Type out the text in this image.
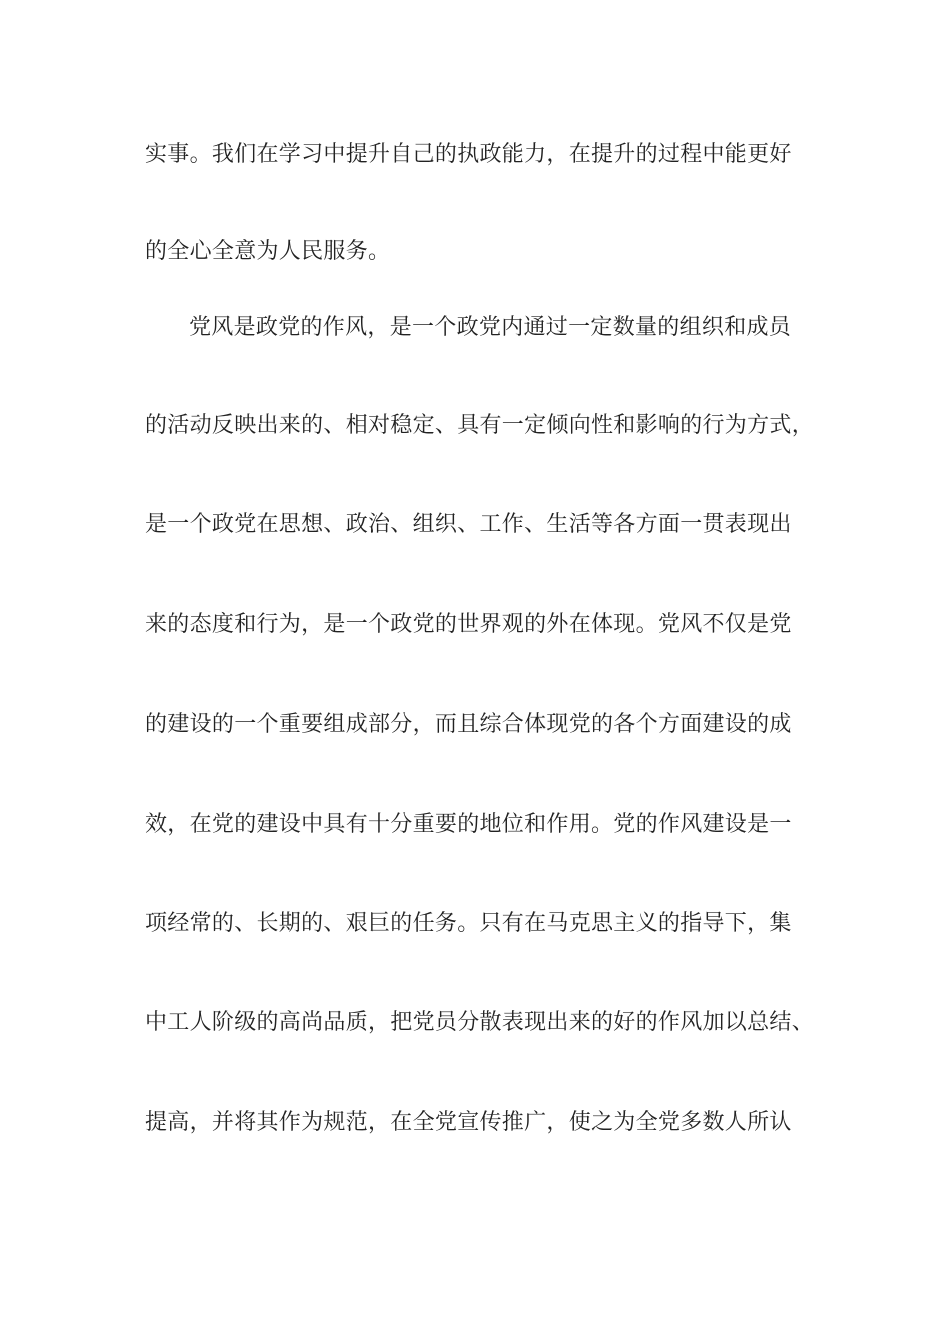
实事。我们在学习中提升自己的执政能力，在提升的过程中能更好
的全心全意为人民服务。
党风是政党的作风，是一个政党内通过一定数量的组织和成员
的活动反映出来的、相对稳定、具有一定倾向性和影响的行为方式，
是一个政党在思想、政治、组织、工作、生活等各方面一贯表现出
来的态度和行为，是一个政党的世界观的外在体现。党风不仅是党
的建设的一个重要组成部分，而且综合体现党的各个方面建设的成
效，在党的建设中具有十分重要的地位和作用。党的作风建设是一
项经常的、长期的、艰巨的任务。只有在马克思主义的指导下，集
中工人阶级的高尚品质，把党员分散表现出来的好的作风加以总结、
提高，并将其作为规范，在全党宣传推广，使之为全党多数人所认
